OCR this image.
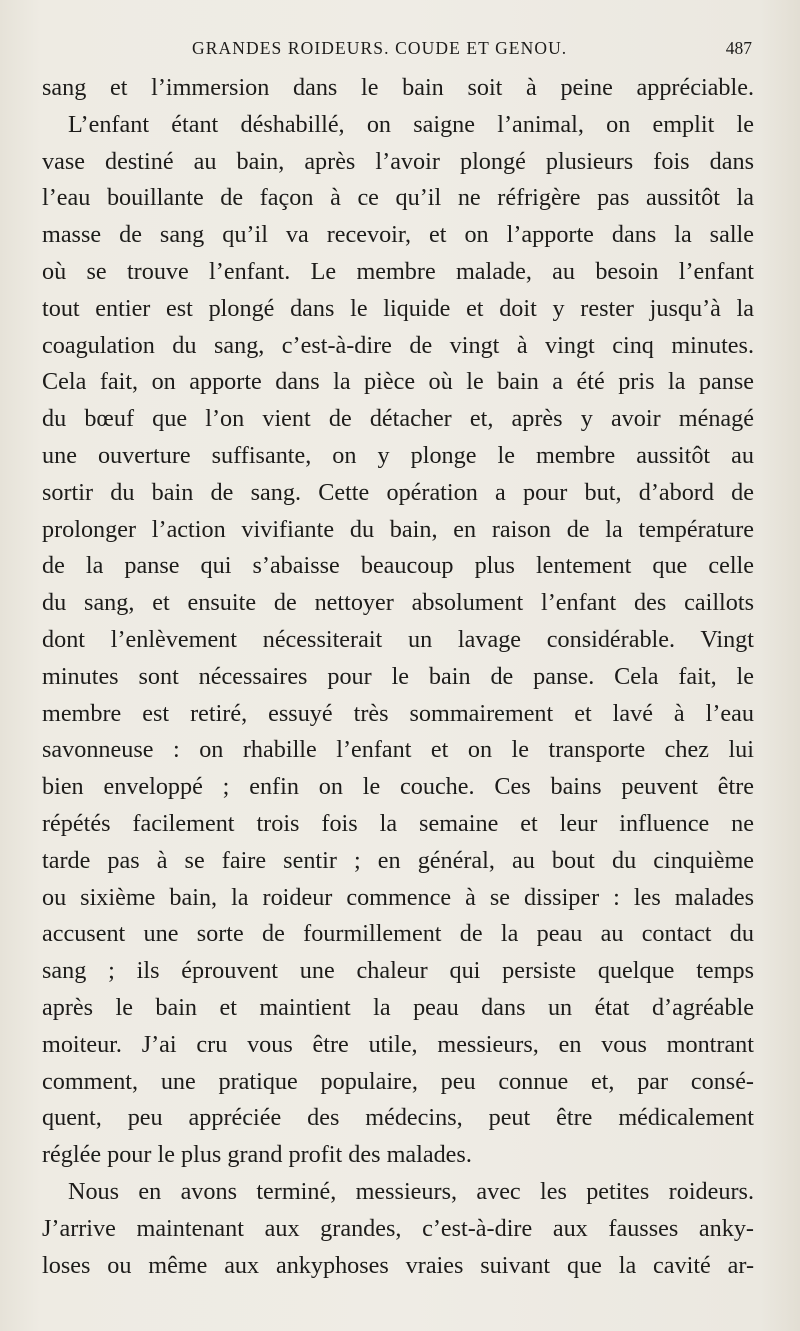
GRANDES ROIDEURS. COUDE ET GENOU.	487
sang et l’immersion dans le bain soit à peine appréciable.
L’enfant étant déshabillé, on saigne l’animal, on emplit le
vase destiné au bain, après l’avoir plongé plusieurs fois dans
l’eau bouillante de façon à ce qu’il ne réfrigère pas aussitôt la
masse de sang qu’il va recevoir, et on l’apporte dans la salle
où se trouve l’enfant. Le membre malade, au besoin l’enfant
tout entier est plongé dans le liquide et doit y rester jusqu’à la
coagulation du sang, c’est-à-dire de vingt à vingt cinq minutes.
Cela fait, on apporte dans la pièce où le bain a été pris la panse
du bœuf que l’on vient de détacher et, après y avoir ménagé
une ouverture suffisante, on y plonge le membre aussitôt au
sortir du bain de sang. Cette opération a pour but, d’abord de
prolonger l’action vivifiante du bain, en raison de la température
de la panse qui s’abaisse beaucoup plus lentement que celle
du sang, et ensuite de nettoyer absolument l’enfant des caillots
dont l’enlèvement nécessiterait un lavage considérable. Vingt
minutes sont nécessaires pour le bain de panse. Cela fait, le
membre est retiré, essuyé très sommairement et lavé à l’eau
savonneuse : on rhabille l’enfant et on le transporte chez lui
bien enveloppé ; enfin on le couche. Ces bains peuvent être
répétés facilement trois fois la semaine et leur influence ne
tarde pas à se faire sentir ; en général, au bout du cinquième
ou sixième bain, la roideur commence à se dissiper : les malades
accusent une sorte de fourmillement de la peau au contact du
sang ; ils éprouvent une chaleur qui persiste quelque temps
après le bain et maintient la peau dans un état d’agréable
moiteur. J’ai cru vous être utile, messieurs, en vous montrant
comment, une pratique populaire, peu connue et, par consé-
quent, peu appréciée des médecins, peut être médicalement
réglée pour le plus grand profit des malades.
Nous en avons terminé, messieurs, avec les petites roideurs.
J’arrive maintenant aux grandes, c’est-à-dire aux fausses anky-
loses ou même aux ankyphoses vraies suivant que la cavité ar-
